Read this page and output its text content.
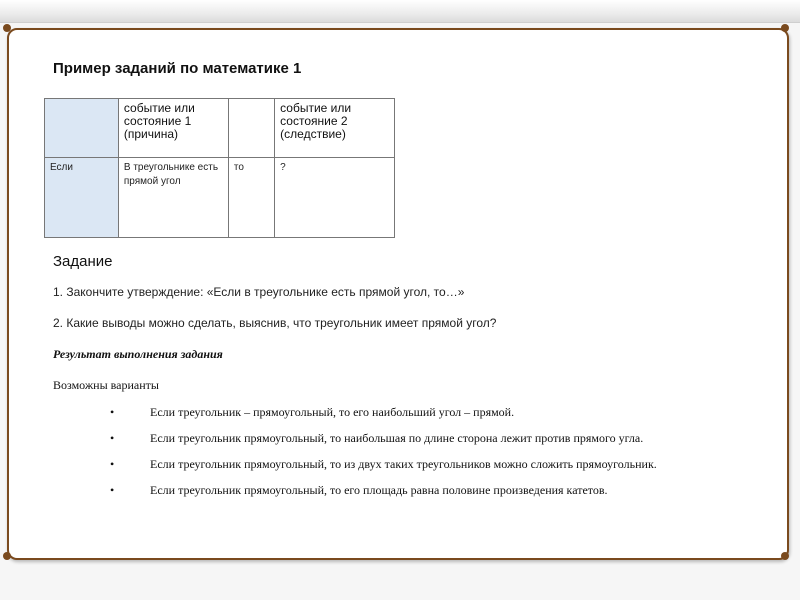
Пример заданий по математике 1
	событие или состояние 1 (причина)		событие или состояние 2 (следствие)
Если	В треугольнике есть прямой угол	то	?
Задание
1. Закончите утверждение: «Если в треугольнике есть прямой угол, то…»
2. Какие выводы можно сделать, выяснив, что треугольник имеет прямой угол?
Результат выполнения задания
Возможны варианты
•	Если треугольник – прямоугольный, то его наибольший угол – прямой.
•	Если треугольник прямоугольный, то наибольшая по длине сторона лежит против прямого угла.
•	Если треугольник прямоугольный, то из двух таких треугольников можно сложить прямоугольник.
•	Если треугольник прямоугольный, то его площадь равна половине произведения катетов.
